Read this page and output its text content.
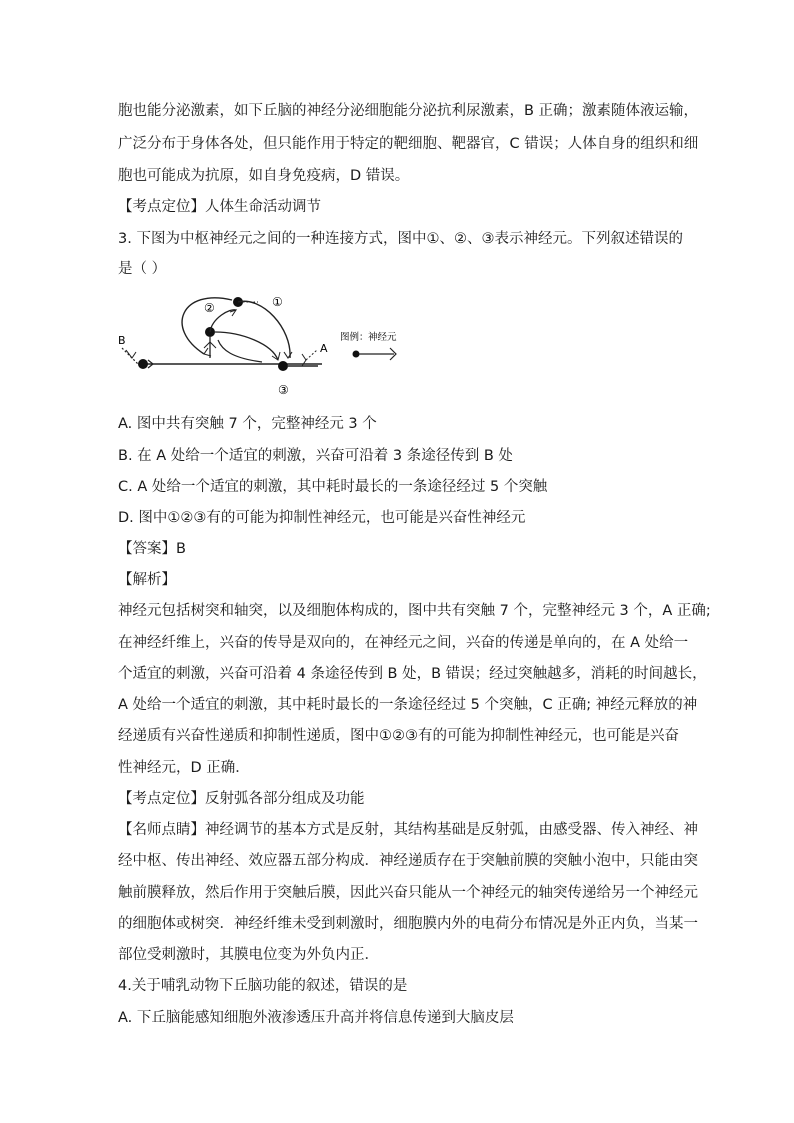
胞也能分泌激素，如下丘脑的神经分泌细胞能分泌抗利尿激素，B 正确；激素随体液运输，
广泛分布于身体各处，但只能作用于特定的靶细胞、靶器官，C 错误；人体自身的组织和细
胞也可能成为抗原，如自身免疫病，D 错误。
【考点定位】人体生命活动调节
3. 下图为中枢神经元之间的一种连接方式，图中①、②、③表示神经元。下列叙述错误的
是（ ）
②	①
③
B
A
图例： 神经元
A. 图中共有突触 7 个，完整神经元 3 个
B. 在 A 处给一个适宜的刺激，兴奋可沿着 3 条途径传到 B 处
C. A 处给一个适宜的刺激，其中耗时最长的一条途径经过 5 个突触
D. 图中①②③有的可能为抑制性神经元，也可能是兴奋性神经元
【答案】B
【解析】
神经元包括树突和轴突，以及细胞体构成的，图中共有突触 7 个，完整神经元 3 个，A 正确;
在神经纤维上，兴奋的传导是双向的，在神经元之间，兴奋的传递是单向的，在 A 处给一
个适宜的刺激，兴奋可沿着 4 条途径传到 B 处，B 错误；经过突触越多，消耗的时间越长，
A 处给一个适宜的刺激，其中耗时最长的一条途径经过 5 个突触，C 正确; 神经元释放的神
经递质有兴奋性递质和抑制性递质，图中①②③有的可能为抑制性神经元，也可能是兴奋
性神经元，D 正确．
【考点定位】反射弧各部分组成及功能
【名师点睛】神经调节的基本方式是反射，其结构基础是反射弧，由感受器、传入神经、神
经中枢、传出神经、效应器五部分构成．神经递质存在于突触前膜的突触小泡中，只能由突
触前膜释放，然后作用于突触后膜，因此兴奋只能从一个神经元的轴突传递给另一个神经元
的细胞体或树突．神经纤维未受到刺激时，细胞膜内外的电荷分布情况是外正内负，当某一
部位受刺激时，其膜电位变为外负内正．
4.关于哺乳动物下丘脑功能的叙述，错误的是
A. 下丘脑能感知细胞外液渗透压升高并将信息传递到大脑皮层
